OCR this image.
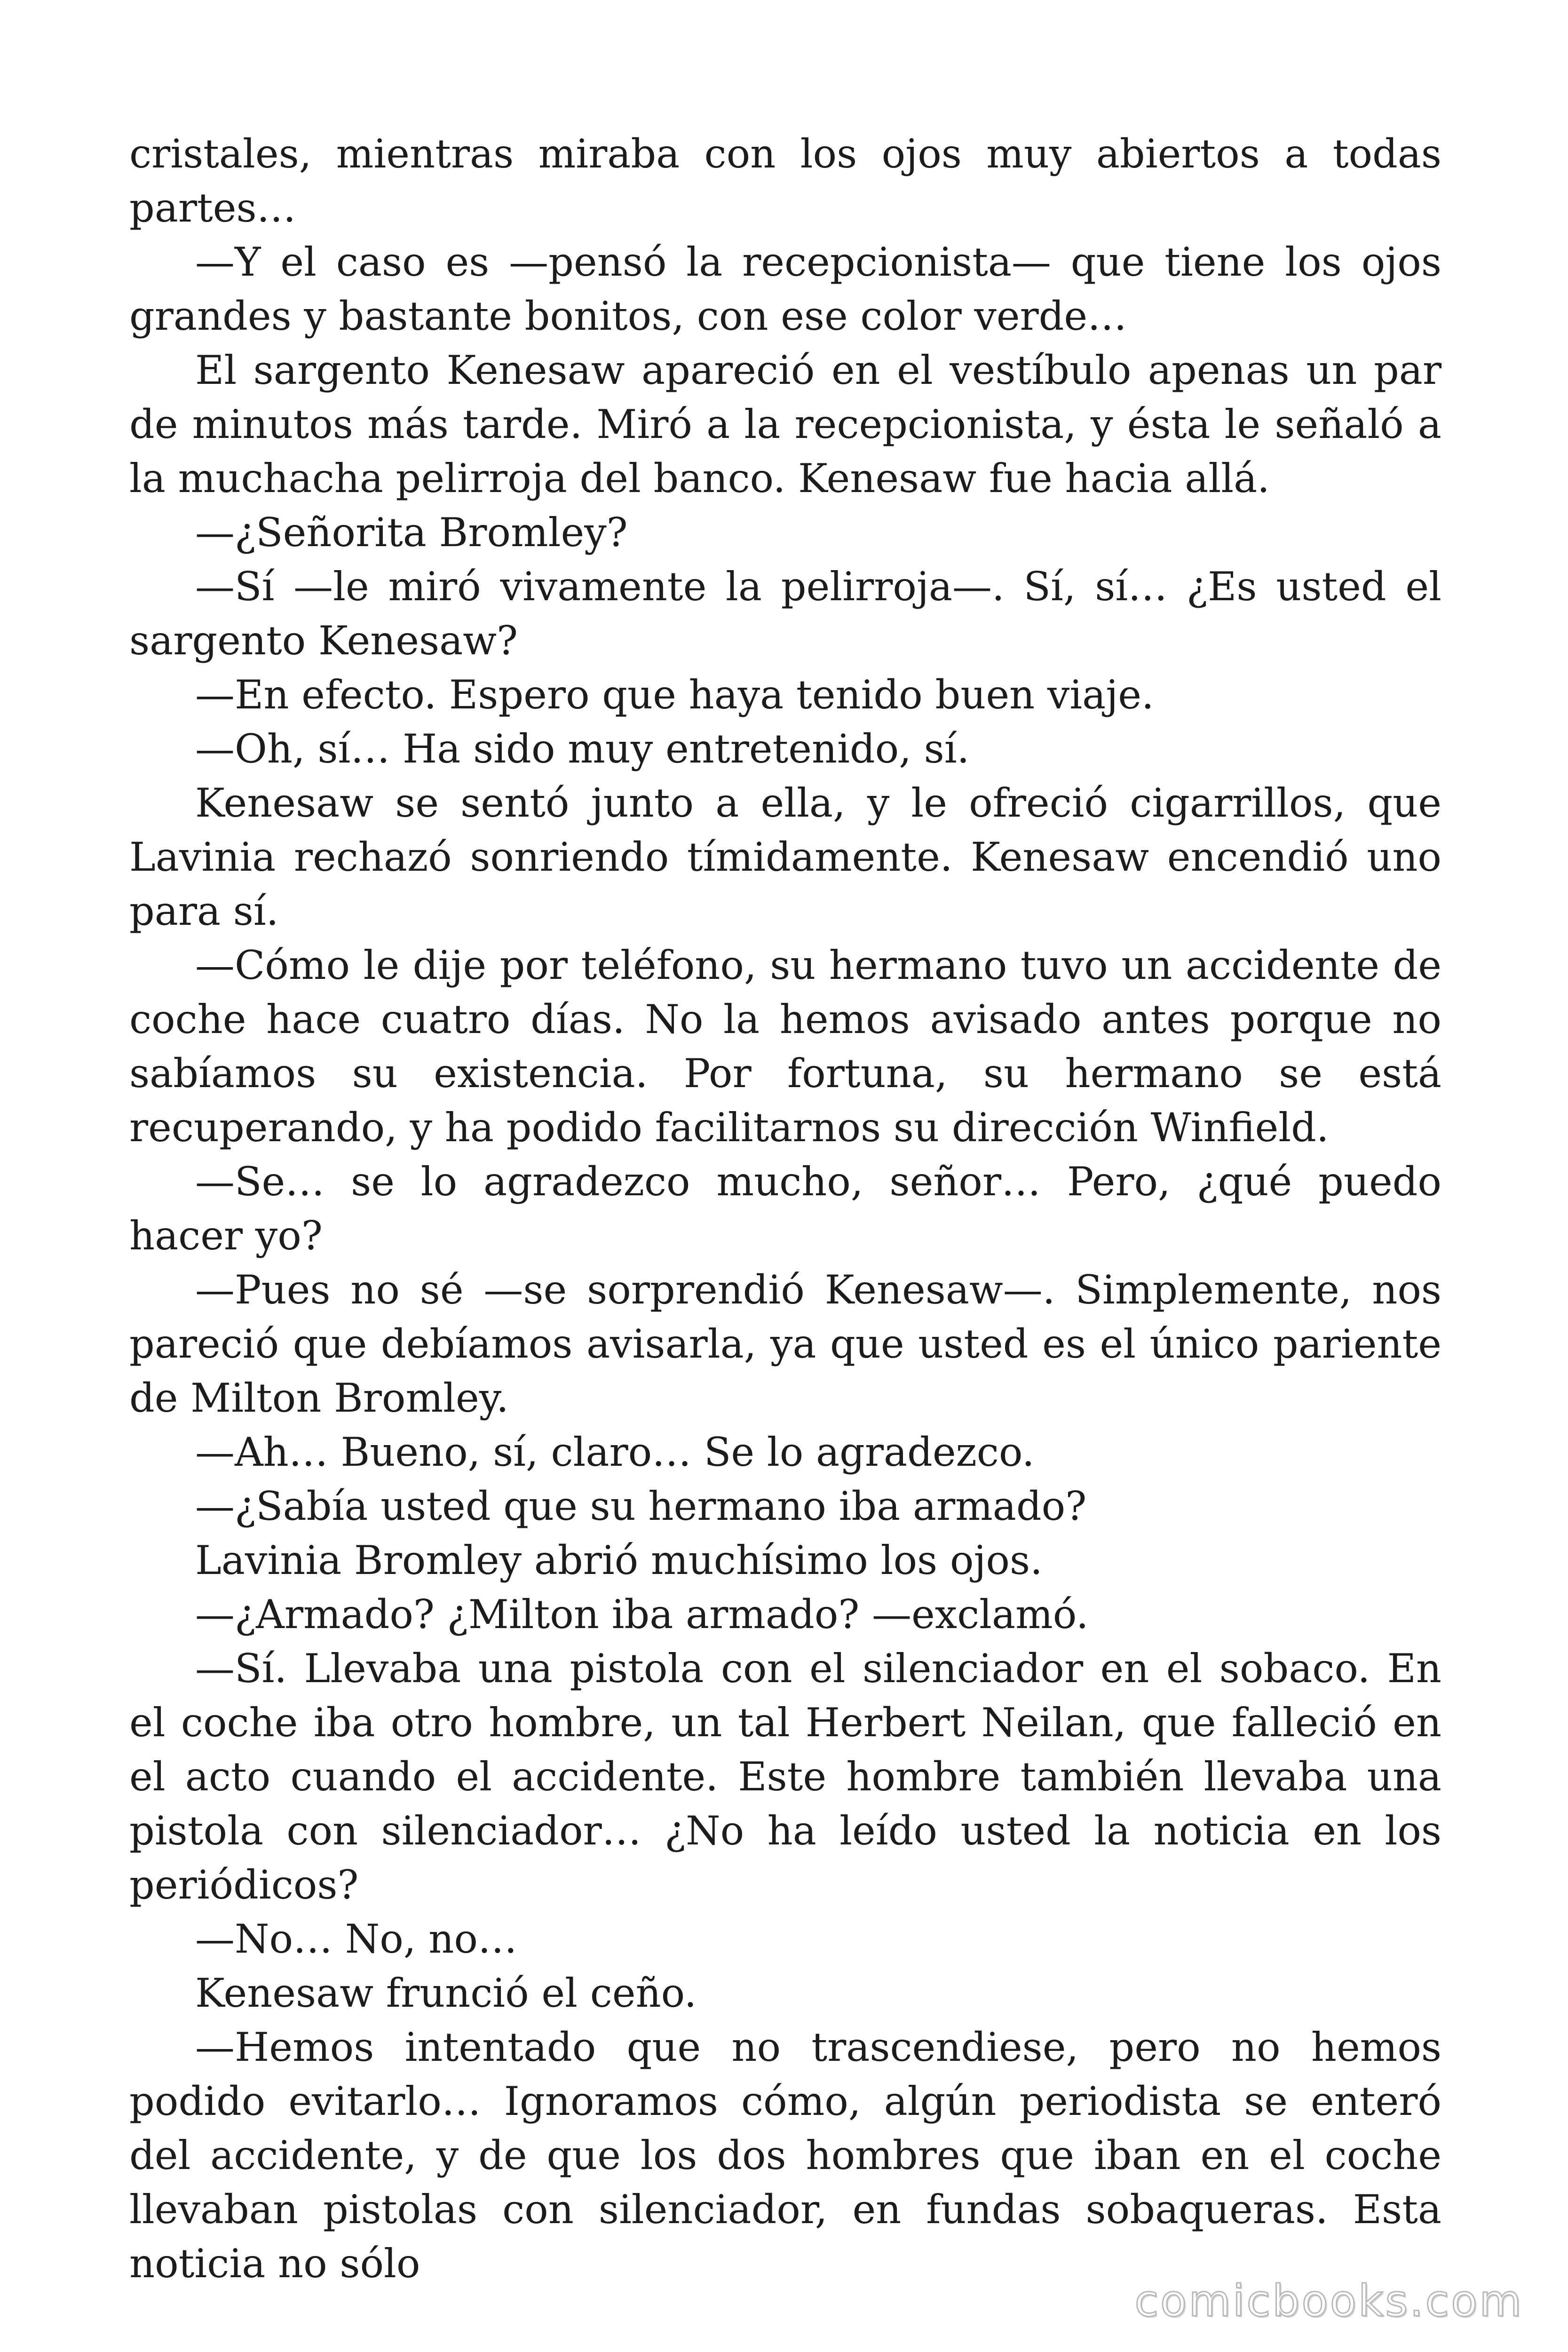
cristales, mientras miraba con los ojos muy abiertos a todas partes…

—Y el caso es —pensó la recepcionista— que tiene los ojos grandes y bastante bonitos, con ese color verde…

El sargento Kenesaw apareció en el vestíbulo apenas un par de minutos más tarde. Miró a la recepcionista, y ésta le señaló a la muchacha pelirroja del banco. Kenesaw fue hacia allá.

—¿Señorita Bromley?

—Sí —le miró vivamente la pelirroja—. Sí, sí… ¿Es usted el sargento Kenesaw?

—En efecto. Espero que haya tenido buen viaje.

—Oh, sí… Ha sido muy entretenido, sí.

Kenesaw se sentó junto a ella, y le ofreció cigarrillos, que Lavinia rechazó sonriendo tímidamente. Kenesaw encendió uno para sí.

—Cómo le dije por teléfono, su hermano tuvo un accidente de coche hace cuatro días. No la hemos avisado antes porque no sabíamos su existencia. Por fortuna, su hermano se está recuperando, y ha podido facilitarnos su dirección Winfield.

—Se… se lo agradezco mucho, señor… Pero, ¿qué puedo hacer yo?

—Pues no sé —se sorprendió Kenesaw—. Simplemente, nos pareció que debíamos avisarla, ya que usted es el único pariente de Milton Bromley.

—Ah… Bueno, sí, claro… Se lo agradezco.

—¿Sabía usted que su hermano iba armado?

Lavinia Bromley abrió muchísimo los ojos.

—¿Armado? ¿Milton iba armado? —exclamó.

—Sí. Llevaba una pistola con el silenciador en el sobaco. En el coche iba otro hombre, un tal Herbert Neilan, que falleció en el acto cuando el accidente. Este hombre también llevaba una pistola con silenciador… ¿No ha leído usted la noticia en los periódicos?

—No… No, no…

Kenesaw frunció el ceño.

—Hemos intentado que no trascendiese, pero no hemos podido evitarlo… Ignoramos cómo, algún periodista se enteró del accidente, y de que los dos hombres que iban en el coche llevaban pistolas con silenciador, en fundas sobaqueras. Esta noticia no sólo

comicbooks.com
